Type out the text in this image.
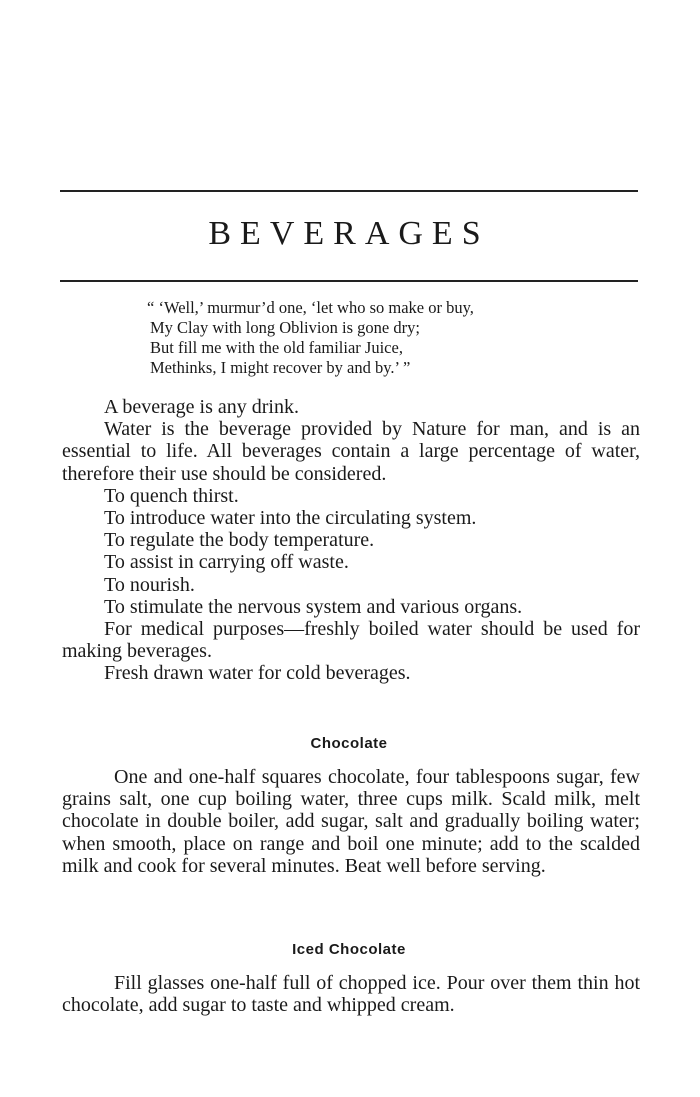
BEVERAGES
“ ‘Well,’ murmur’d one, ‘let who so make or buy,
My Clay with long Oblivion is gone dry;
But fill me with the old familiar Juice,
Methinks, I might recover by and by.’ ”
A beverage is any drink.

Water is the beverage provided by Nature for man, and is an essential to life. All beverages contain a large percentage of water, therefore their use should be considered.

To quench thirst.
To introduce water into the circulating system.
To regulate the body temperature.
To assist in carrying off waste.
To nourish.

To stimulate the nervous system and various organs.

For medical purposes—freshly boiled water should be used for making beverages.

Fresh drawn water for cold beverages.
Chocolate

One and one-half squares chocolate, four tablespoons sugar, few grains salt, one cup boiling water, three cups milk. Scald milk, melt chocolate in double boiler, add sugar, salt and gradually boiling water; when smooth, place on range and boil one minute; add to the scalded milk and cook for several minutes. Beat well before serving.

Iced Chocolate

Fill glasses one-half full of chopped ice. Pour over them thin hot chocolate, add sugar to taste and whipped cream.
